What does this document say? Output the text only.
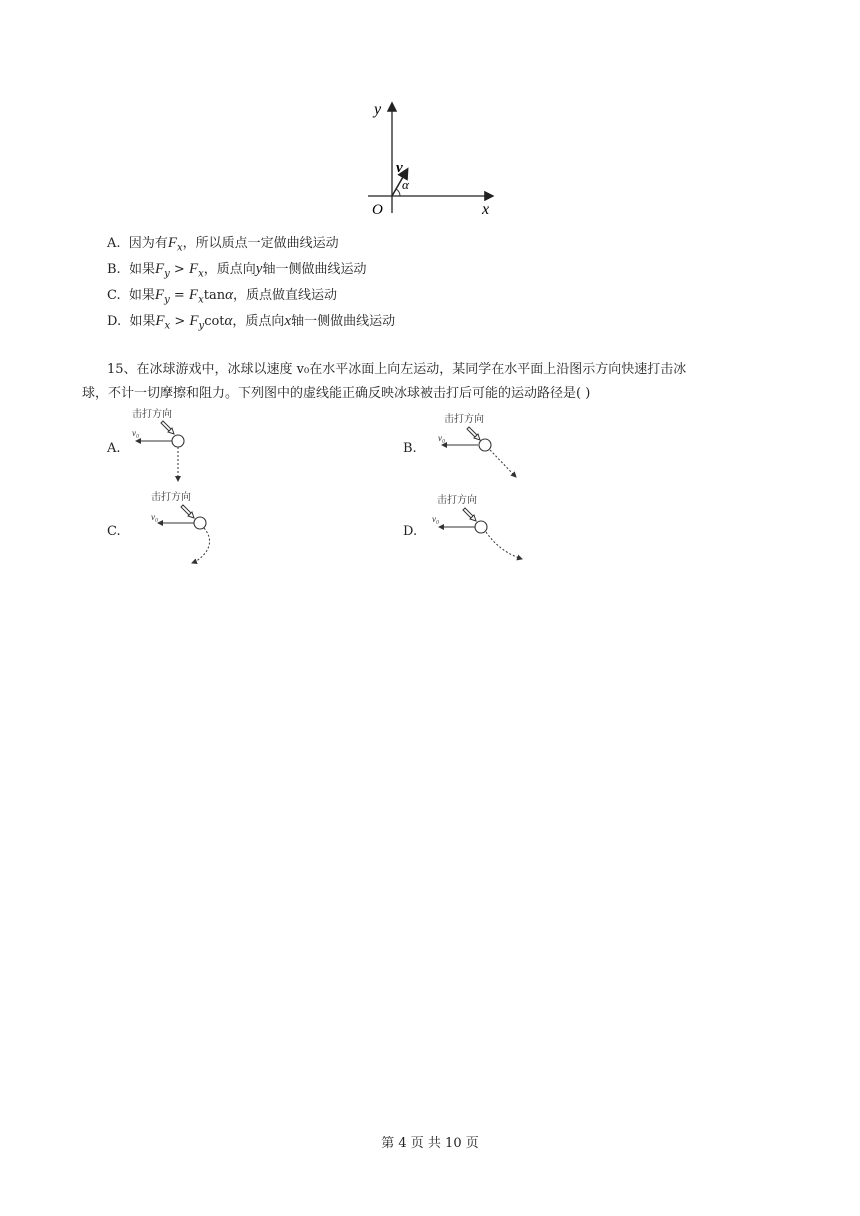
y
x
O
v
α
A. 因为有$F_x$，所以质点一定做曲线运动
B. 如果$F_y > F_x$，质点向y轴一侧做曲线运动
C. 如果$F_y = F_x\tan\alpha$，质点做直线运动
D. 如果$F_x > F_y\cot\alpha$，质点向x轴一侧做曲线运动
15、在冰球游戏中，冰球以速度 v₀在水平冰面上向左运动，某同学在水平面上沿图示方向快速打击冰
球，不计一切摩擦和阻力。下列图中的虚线能正确反映冰球被击打后可能的运动路径是( )
A.	B.
C.	D.
击打方向
v₀
击打方向
v₀
击打方向
v₀
击打方向
v₀
第 4 页 共 10 页
